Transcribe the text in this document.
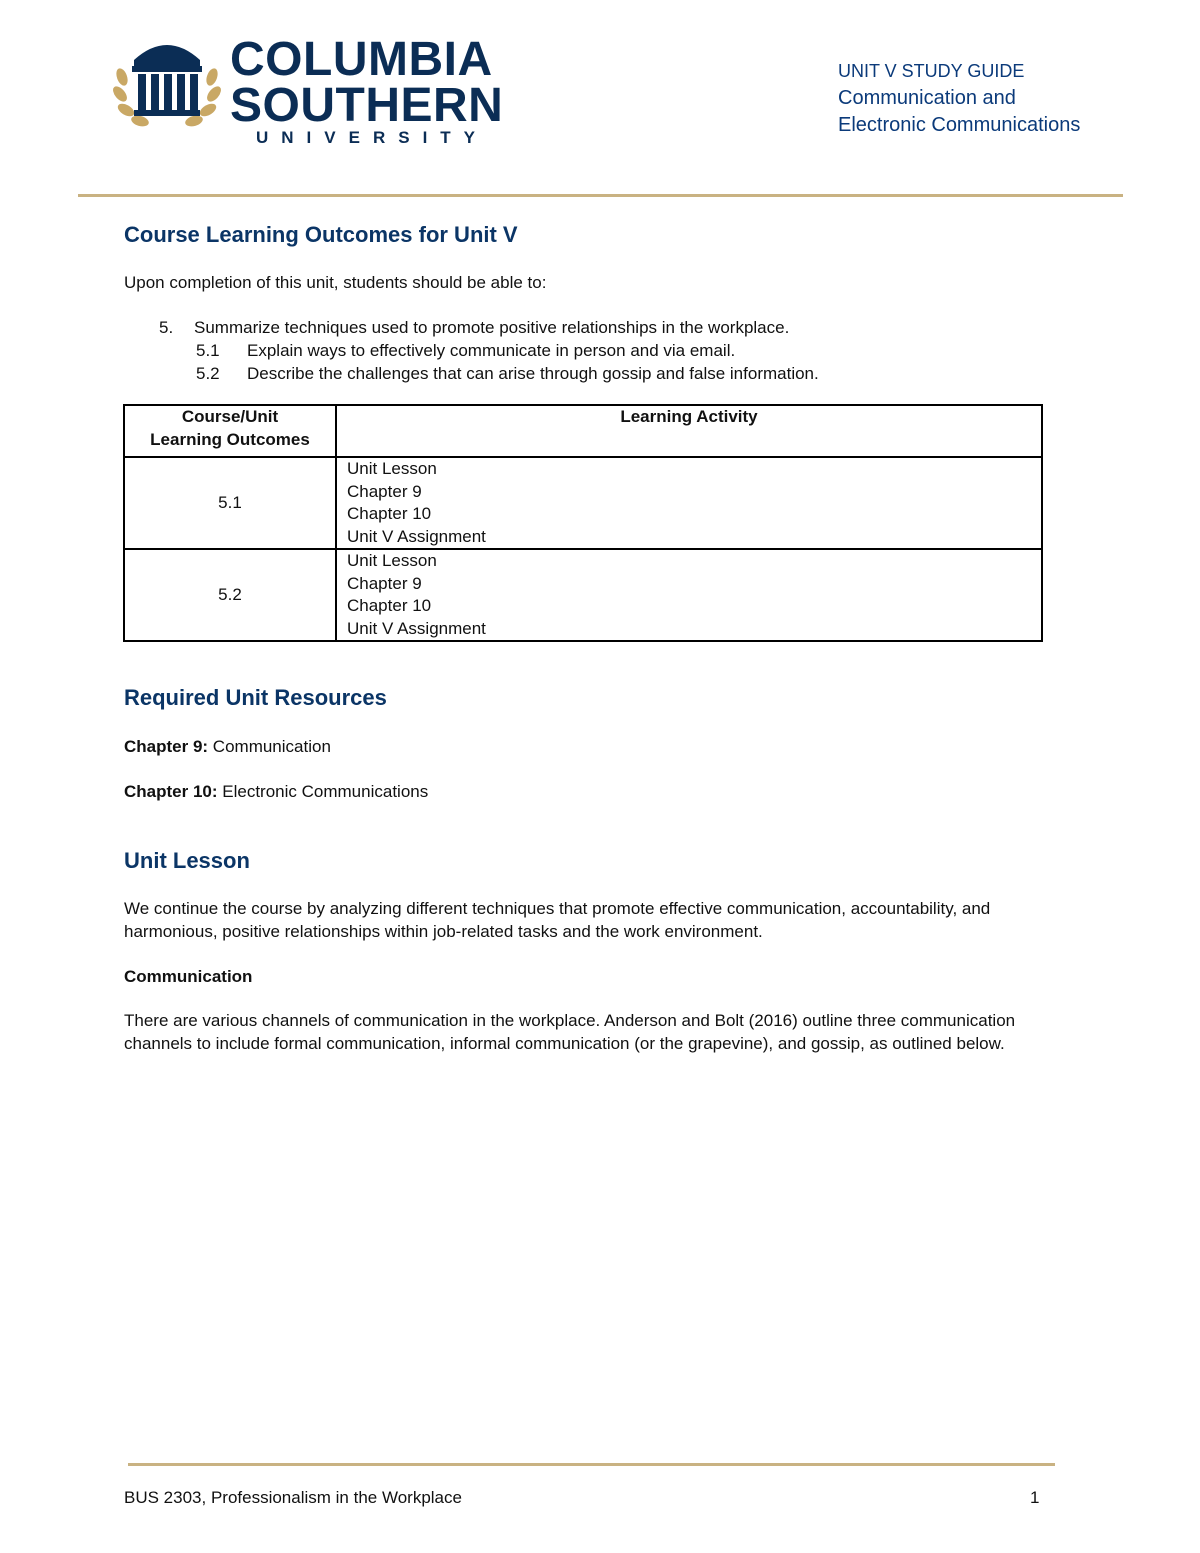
COLUMBIA
SOUTHERN
UNIVERSITY
UNIT V STUDY GUIDE
Communication and
Electronic Communications
Course Learning Outcomes for Unit V
Upon completion of this unit, students should be able to:
5. Summarize techniques used to promote positive relationships in the workplace.
5.1 Explain ways to effectively communicate in person and via email.
5.2 Describe the challenges that can arise through gossip and false information.
Course/Unit
Learning Outcomes	Learning Activity
5.1	Unit Lesson
Chapter 9
Chapter 10
Unit V Assignment

5.2	Unit Lesson
Chapter 9
Chapter 10
Unit V Assignment
Required Unit Resources
Chapter 9: Communication
Chapter 10: Electronic Communications
Unit Lesson
We continue the course by analyzing different techniques that promote effective communication, accountability, and harmonious, positive relationships within job-related tasks and the work environment.
Communication
There are various channels of communication in the workplace. Anderson and Bolt (2016) outline three communication channels to include formal communication, informal communication (or the grapevine), and gossip, as outlined below.
BUS 2303, Professionalism in the Workplace	1
